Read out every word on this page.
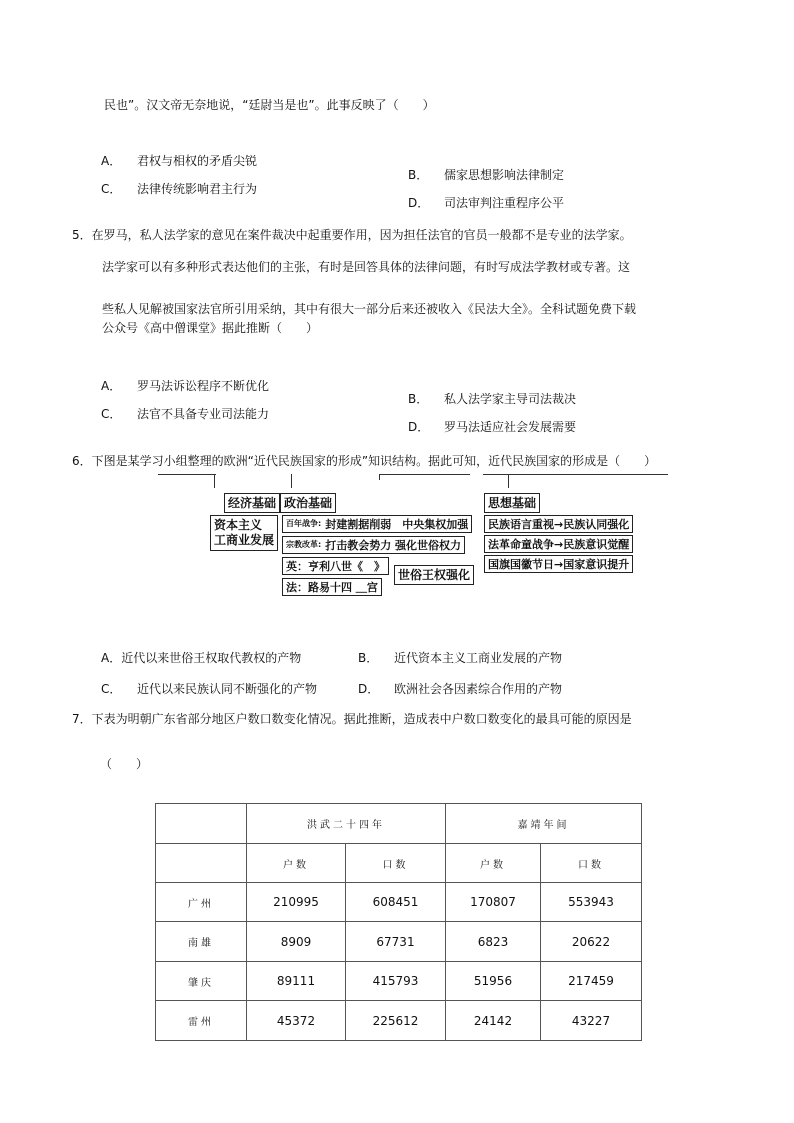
民也”。汉文帝无奈地说，“廷尉当是也”。此事反映了（　　）
A． 君权与相权的矛盾尖锐
C． 法律传统影响君主行为
B． 儒家思想影响法律制定
D． 司法审判注重程序公平
5．在罗马，私人法学家的意见在案件裁决中起重要作用，因为担任法官的官员一般都不是专业的法学家。
法学家可以有多种形式表达他们的主张，有时是回答具体的法律问题，有时写成法学教材或专著。这
些私人见解被国家法官所引用采纳，其中有很大一部分后来还被收入《民法大全》。全科试题免费下载
公众号《高中僧课堂》据此推断（　　）
A． 罗马法诉讼程序不断优化
C． 法官不具备专业司法能力
B． 私人法学家主导司法裁决
D． 罗马法适应社会发展需要
6．下图是某学习小组整理的欧洲“近代民族国家的形成”知识结构。据此可知，近代民族国家的形成是（　　）
经济基础
资本主义
工商业发展
政治基础
百年战争: 封建割据削弱　中央集权加强
宗教改革: 打击教会势力 强化世俗权力
英：亨利八世《　》
法：路易十四 ＿宫
世俗王权强化
思想基础
民族语言重视→民族认同强化
法革命童战争→民族意识觉醒
国旗国徽节日→国家意识提升
A．近代以来世俗王权取代教权的产物	B． 近代资本主义工商业发展的产物
C． 近代以来民族认同不断强化的产物	D． 欧洲社会各因素综合作用的产物
7．下表为明朝广东省部分地区户数口数变化情况。据此推断，造成表中户数口数变化的最具可能的原因是
（　　）
	洪武二十四年		嘉靖年间	
	户数	口数	户数	口数
广州	210995	608451	170807	553943
南雄	8909	67731	6823	20622
肇庆	89111	415793	51956	217459
雷州	45372	225612	24142	43227
